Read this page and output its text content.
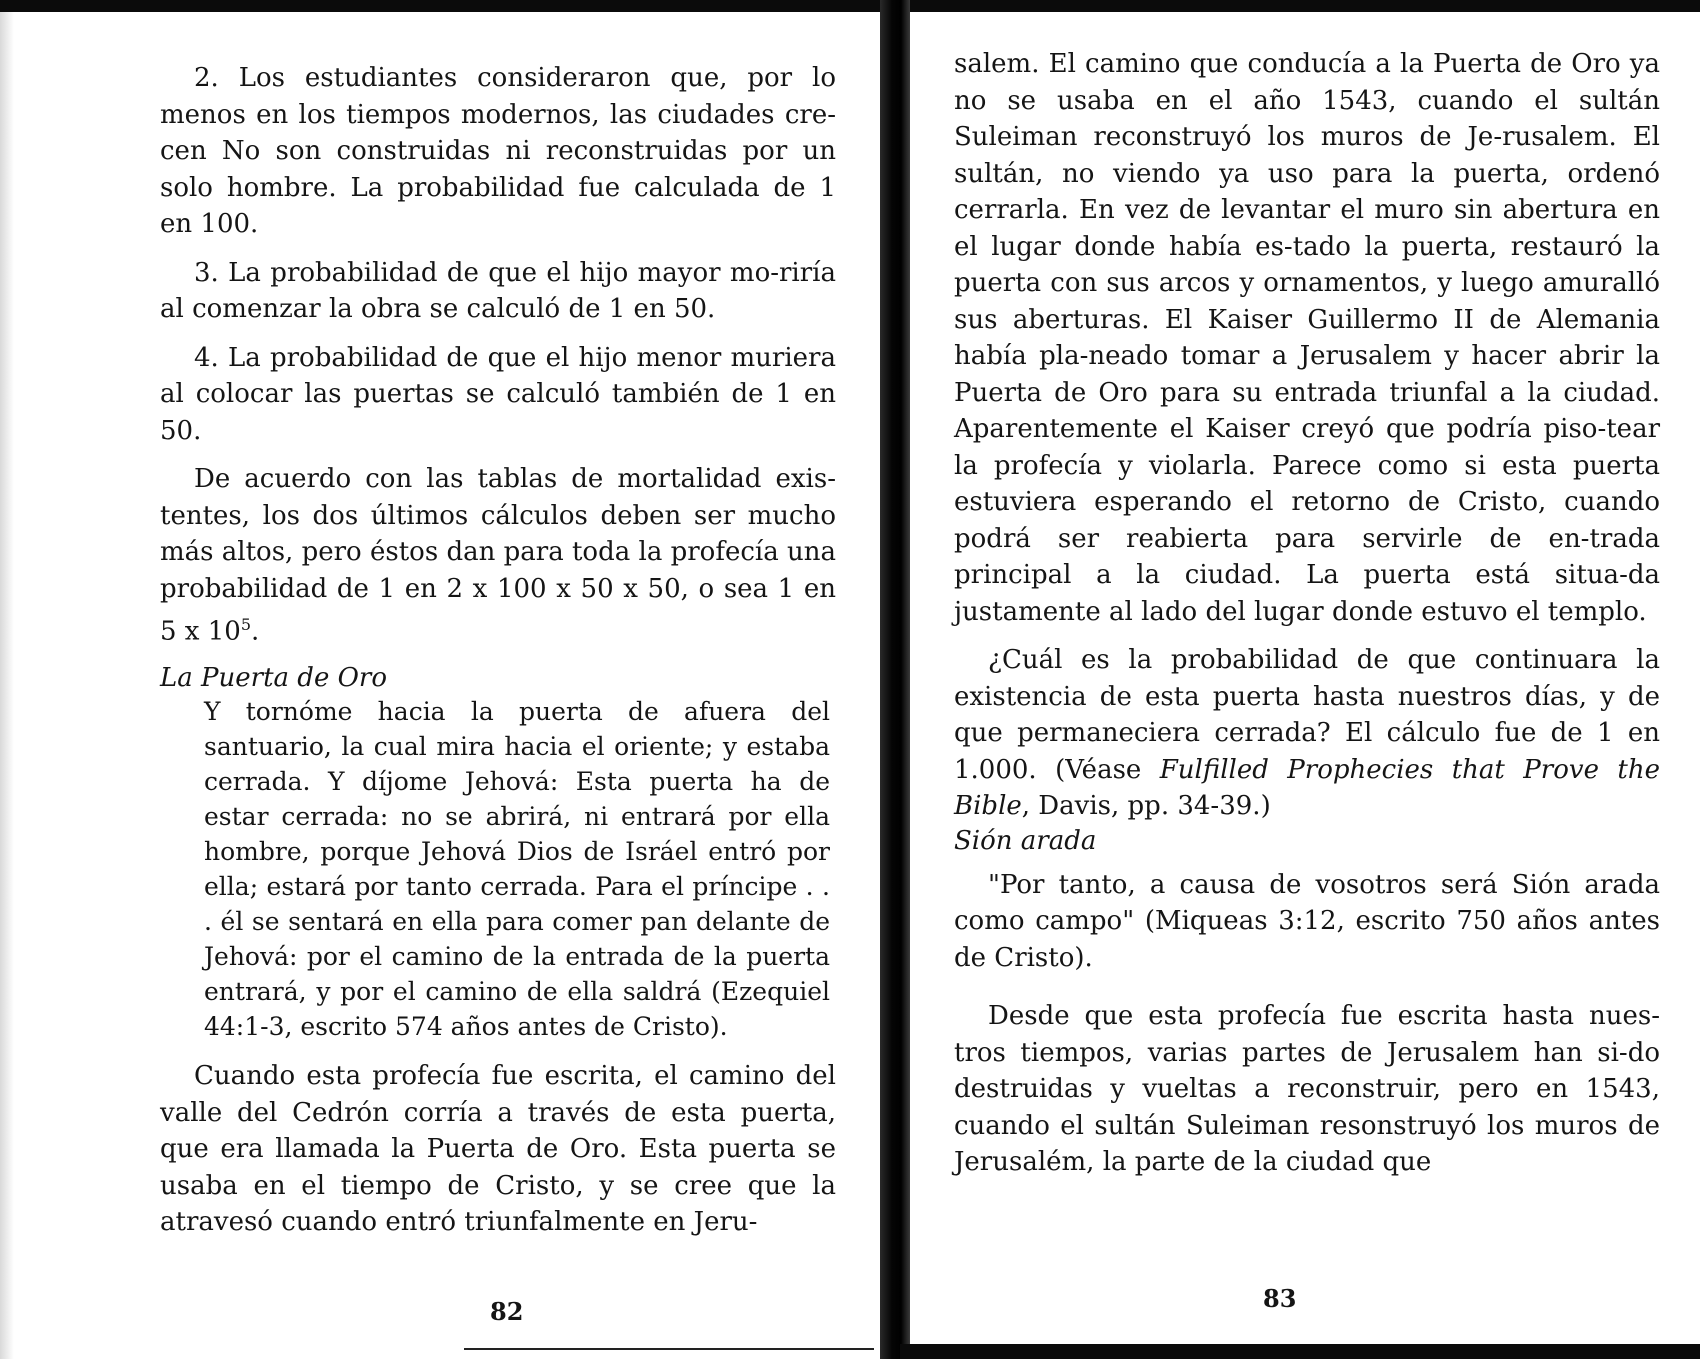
2. Los estudiantes consideraron que, por lo menos en los tiempos modernos, las ciudades cre-cen No son construidas ni reconstruidas por un solo hombre. La probabilidad fue calculada de 1 en 100.

3. La probabilidad de que el hijo mayor mo-riría al comenzar la obra se calculó de 1 en 50.

4. La probabilidad de que el hijo menor muriera al colocar las puertas se calculó también de 1 en 50.

De acuerdo con las tablas de mortalidad exis-tentes, los dos últimos cálculos deben ser mucho más altos, pero éstos dan para toda la profecía una probabilidad de 1 en 2 x 100 x 50 x 50, o sea 1 en 5 x $10^5$.

La Puerta de Oro

Y tornóme hacia la puerta de afuera del santuario, la cual mira hacia el oriente; y estaba cerrada. Y díjome Jehová: Esta puerta ha de estar cerrada: no se abrirá, ni entrará por ella hombre, porque Jehová Dios de Isráel entró por ella; estará por tanto cerrada. Para el príncipe . . . él se sentará en ella para comer pan delante de Jehová: por el camino de la entrada de la puerta entrará, y por el camino de ella saldrá (Ezequiel 44:1-3, escrito 574 años antes de Cristo).

Cuando esta profecía fue escrita, el camino del valle del Cedrón corría a través de esta puerta, que era llamada la Puerta de Oro. Esta puerta se usaba en el tiempo de Cristo, y se cree que la atravesó cuando entró triunfalmente en Jeru-

82

salem. El camino que conducía a la Puerta de Oro ya no se usaba en el año 1543, cuando el sultán Suleiman reconstruyó los muros de Je-rusalem. El sultán, no viendo ya uso para la puerta, ordenó cerrarla. En vez de levantar el muro sin abertura en el lugar donde había es-tado la puerta, restauró la puerta con sus arcos y ornamentos, y luego amuralló sus aberturas. El Kaiser Guillermo II de Alemania había pla-neado tomar a Jerusalem y hacer abrir la Puerta de Oro para su entrada triunfal a la ciudad. Aparentemente el Kaiser creyó que podría piso-tear la profecía y violarla. Parece como si esta puerta estuviera esperando el retorno de Cristo, cuando podrá ser reabierta para servirle de en-trada principal a la ciudad. La puerta está situa-da justamente al lado del lugar donde estuvo el templo.

¿Cuál es la probabilidad de que continuara la existencia de esta puerta hasta nuestros días, y de que permaneciera cerrada? El cálculo fue de 1 en 1.000. (Véase Fulfilled Prophecies that Prove the Bible, Davis, pp. 34-39.)

Sión arada

"Por tanto, a causa de vosotros será Sión arada como campo" (Miqueas 3:12, escrito 750 años antes de Cristo).

Desde que esta profecía fue escrita hasta nues-tros tiempos, varias partes de Jerusalem han si-do destruidas y vueltas a reconstruir, pero en 1543, cuando el sultán Suleiman resonstruyó los muros de Jerusalém, la parte de la ciudad que

83
